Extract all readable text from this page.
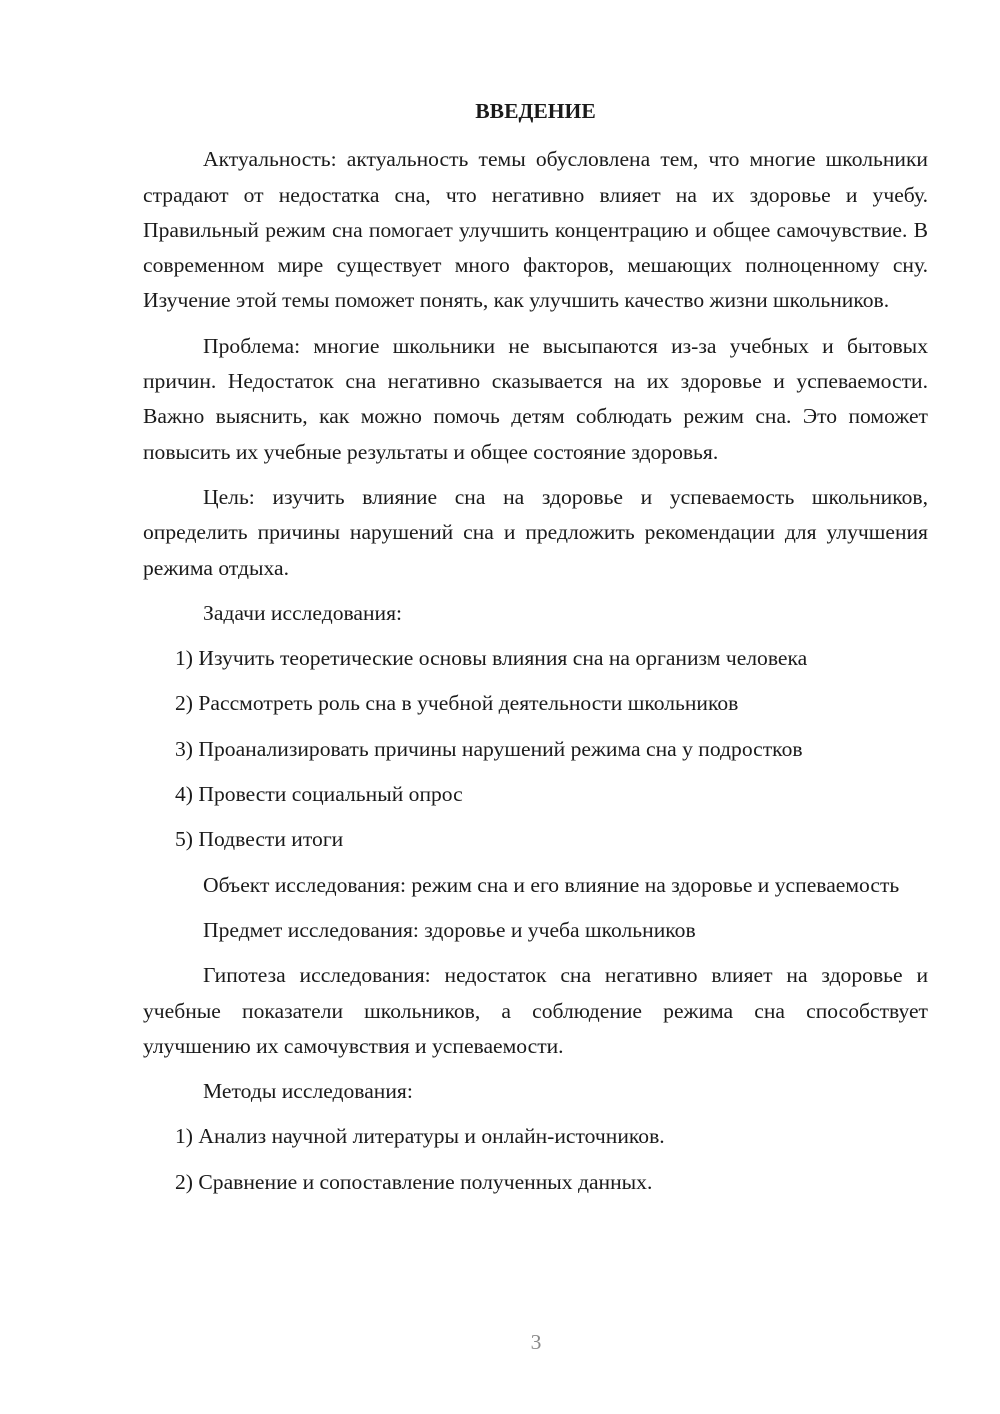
ВВЕДЕНИЕ

Актуальность: актуальность темы обусловлена тем, что многие школьники страдают от недостатка сна, что негативно влияет на их здоровье и учебу. Правильный режим сна помогает улучшить концентрацию и общее самочувствие. В современном мире существует много факторов, мешающих полноценному сну. Изучение этой темы поможет понять, как улучшить качество жизни школьников.

Проблема: многие школьники не высыпаются из-за учебных и бытовых причин. Недостаток сна негативно сказывается на их здоровье и успеваемости. Важно выяснить, как можно помочь детям соблюдать режим сна. Это поможет повысить их учебные результаты и общее состояние здоровья.

Цель: изучить влияние сна на здоровье и успеваемость школьников, определить причины нарушений сна и предложить рекомендации для улучшения режима отдыха.

Задачи исследования:

1) Изучить теоретические основы влияния сна на организм человека
2) Рассмотреть роль сна в учебной деятельности школьников
3) Проанализировать причины нарушений режима сна у подростков
4) Провести социальный опрос
5) Подвести итоги

Объект исследования: режим сна и его влияние на здоровье и успеваемость

Предмет исследования: здоровье и учеба школьников

Гипотеза исследования: недостаток сна негативно влияет на здоровье и учебные показатели школьников, а соблюдение режима сна способствует улучшению их самочувствия и успеваемости.

Методы исследования:

1) Анализ научной литературы и онлайн-источников.
2) Сравнение и сопоставление полученных данных.
3
